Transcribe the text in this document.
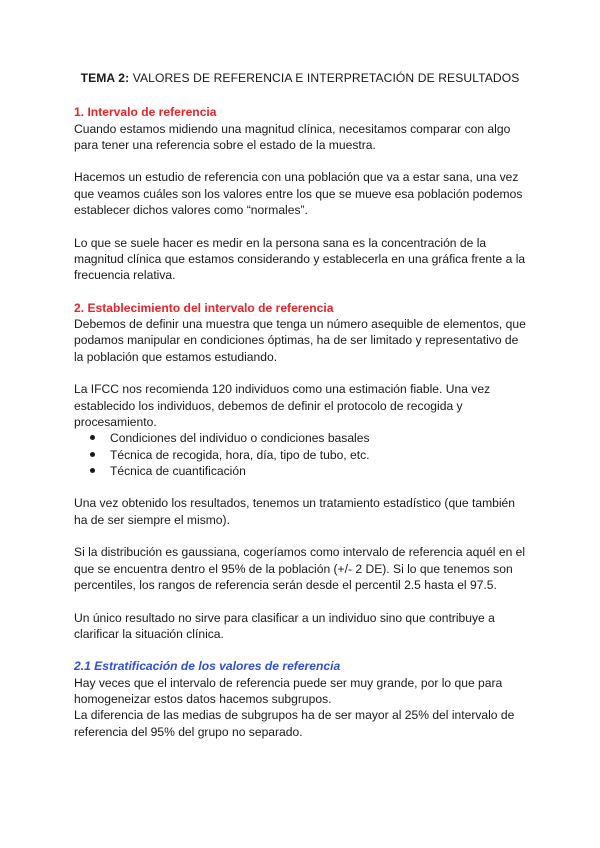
TEMA 2: VALORES DE REFERENCIA E INTERPRETACIÓN DE RESULTADOS

1. Intervalo de referencia

Cuando estamos midiendo una magnitud clínica, necesitamos comparar con algo para tener una referencia sobre el estado de la muestra.

Hacemos un estudio de referencia con una población que va a estar sana, una vez que veamos cuáles son los valores entre los que se mueve esa población podemos establecer dichos valores como “normales”.

Lo que se suele hacer es medir en la persona sana es la concentración de la magnitud clínica que estamos considerando y establecerla en una gráfica frente a la frecuencia relativa.

2. Establecimiento del intervalo de referencia

Debemos de definir una muestra que tenga un número asequible de elementos, que podamos manipular en condiciones óptimas, ha de ser limitado y representativo de la población que estamos estudiando.

La IFCC nos recomienda 120 individuos como una estimación fiable. Una vez establecido los individuos, debemos de definir el protocolo de recogida y procesamiento.

Condiciones del individuo o condiciones basales
Técnica de recogida, hora, día, tipo de tubo, etc.
Técnica de cuantificación

Una vez obtenido los resultados, tenemos un tratamiento estadístico (que también ha de ser siempre el mismo).

Si la distribución es gaussiana, cogeríamos como intervalo de referencia aquél en el que se encuentra dentro el 95% de la población (+/- 2 DE). Si lo que tenemos son percentiles, los rangos de referencia serán desde el percentil 2.5 hasta el 97.5.

Un único resultado no sirve para clasificar a un individuo sino que contribuye a clarificar la situación clínica.

2.1 Estratificación de los valores de referencia

Hay veces que el intervalo de referencia puede ser muy grande, por lo que para homogeneizar estos datos hacemos subgrupos.

La diferencia de las medias de subgrupos ha de ser mayor al 25% del intervalo de referencia del 95% del grupo no separado.
